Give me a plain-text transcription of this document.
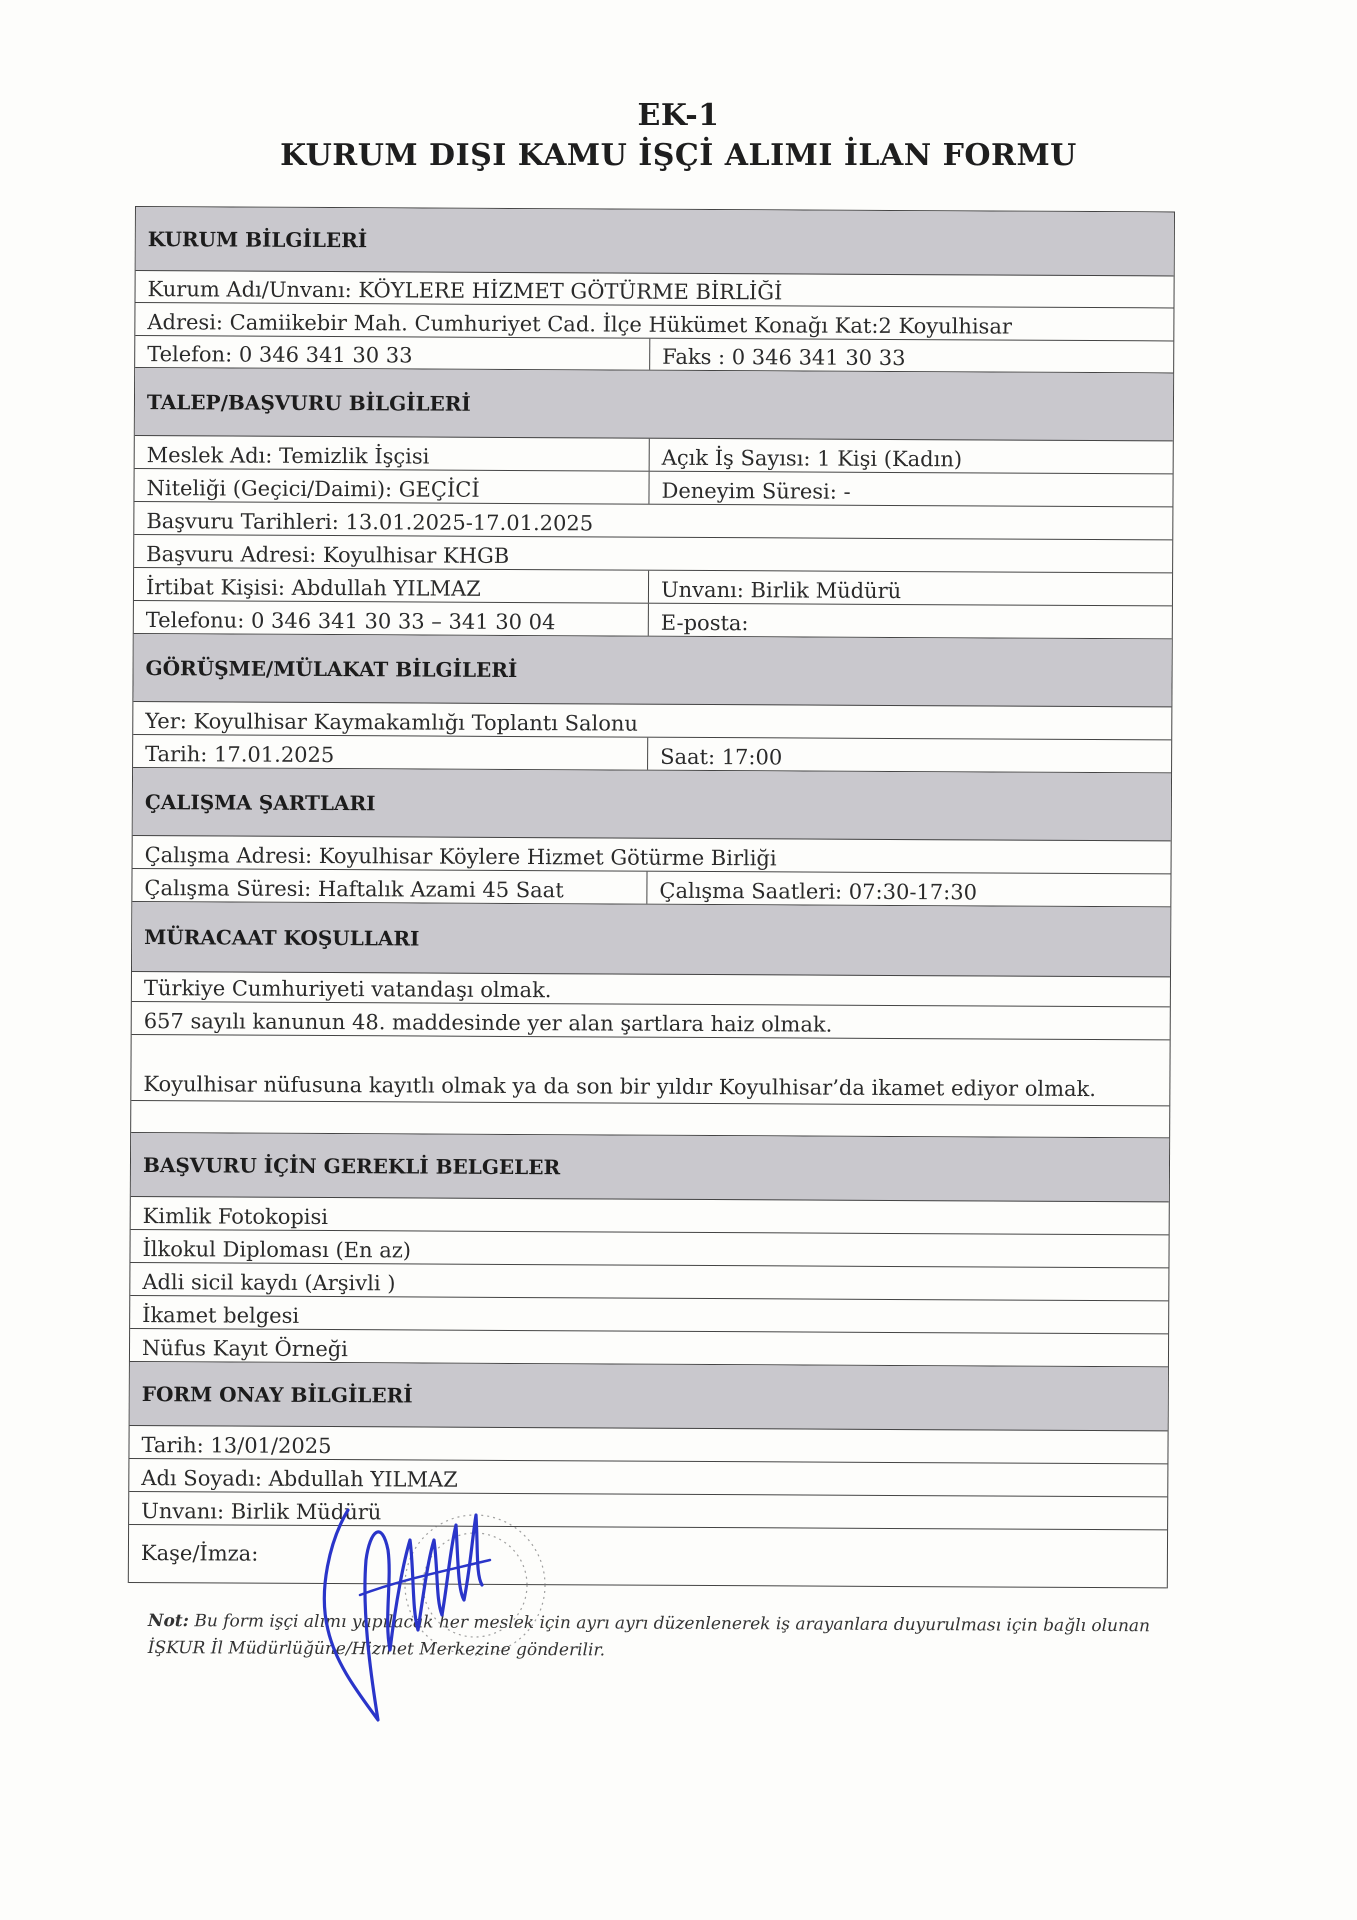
EK-1
KURUM DIŞI KAMU İŞÇİ ALIMI İLAN FORMU
KURUM BİLGİLERİ
Kurum Adı/Unvanı: KÖYLERE HİZMET GÖTÜRME BİRLİĞİ
Adresi: Camiikebir Mah. Cumhuriyet Cad. İlçe Hükümet Konağı Kat:2 Koyulhisar
Telefon: 0 346 341 30 33	Faks : 0 346 341 30 33
TALEP/BAŞVURU BİLGİLERİ
Meslek Adı: Temizlik İşçisi	Açık İş Sayısı: 1 Kişi (Kadın)
Niteliği (Geçici/Daimi): GEÇİCİ	Deneyim Süresi: -
Başvuru Tarihleri: 13.01.2025-17.01.2025
Başvuru Adresi: Koyulhisar KHGB
İrtibat Kişisi: Abdullah YILMAZ	Unvanı: Birlik Müdürü
Telefonu: 0 346 341 30 33 – 341 30 04	E-posta:
GÖRÜŞME/MÜLAKAT BİLGİLERİ
Yer: Koyulhisar Kaymakamlığı Toplantı Salonu
Tarih: 17.01.2025	Saat: 17:00
ÇALIŞMA ŞARTLARI
Çalışma Adresi: Koyulhisar Köylere Hizmet Götürme Birliği
Çalışma Süresi: Haftalık Azami 45 Saat	Çalışma Saatleri: 07:30-17:30
MÜRACAAT KOŞULLARI
Türkiye Cumhuriyeti vatandaşı olmak.
657 sayılı kanunun 48. maddesinde yer alan şartlara haiz olmak.
Koyulhisar nüfusuna kayıtlı olmak ya da son bir yıldır Koyulhisar’da ikamet ediyor olmak.
BAŞVURU İÇİN GEREKLİ BELGELER
Kimlik Fotokopisi
İlkokul Diploması (En az)
Adli sicil kaydı (Arşivli )
İkamet belgesi
Nüfus Kayıt Örneği
FORM ONAY BİLGİLERİ
Tarih: 13/01/2025
Adı Soyadı: Abdullah YILMAZ
Unvanı: Birlik Müdürü
Kaşe/İmza:
Not: Bu form işçi alımı yapılacak her meslek için ayrı ayrı düzenlenerek iş arayanlara duyurulması için bağlı olunan İŞKUR İl Müdürlüğüne/Hizmet Merkezine gönderilir.
